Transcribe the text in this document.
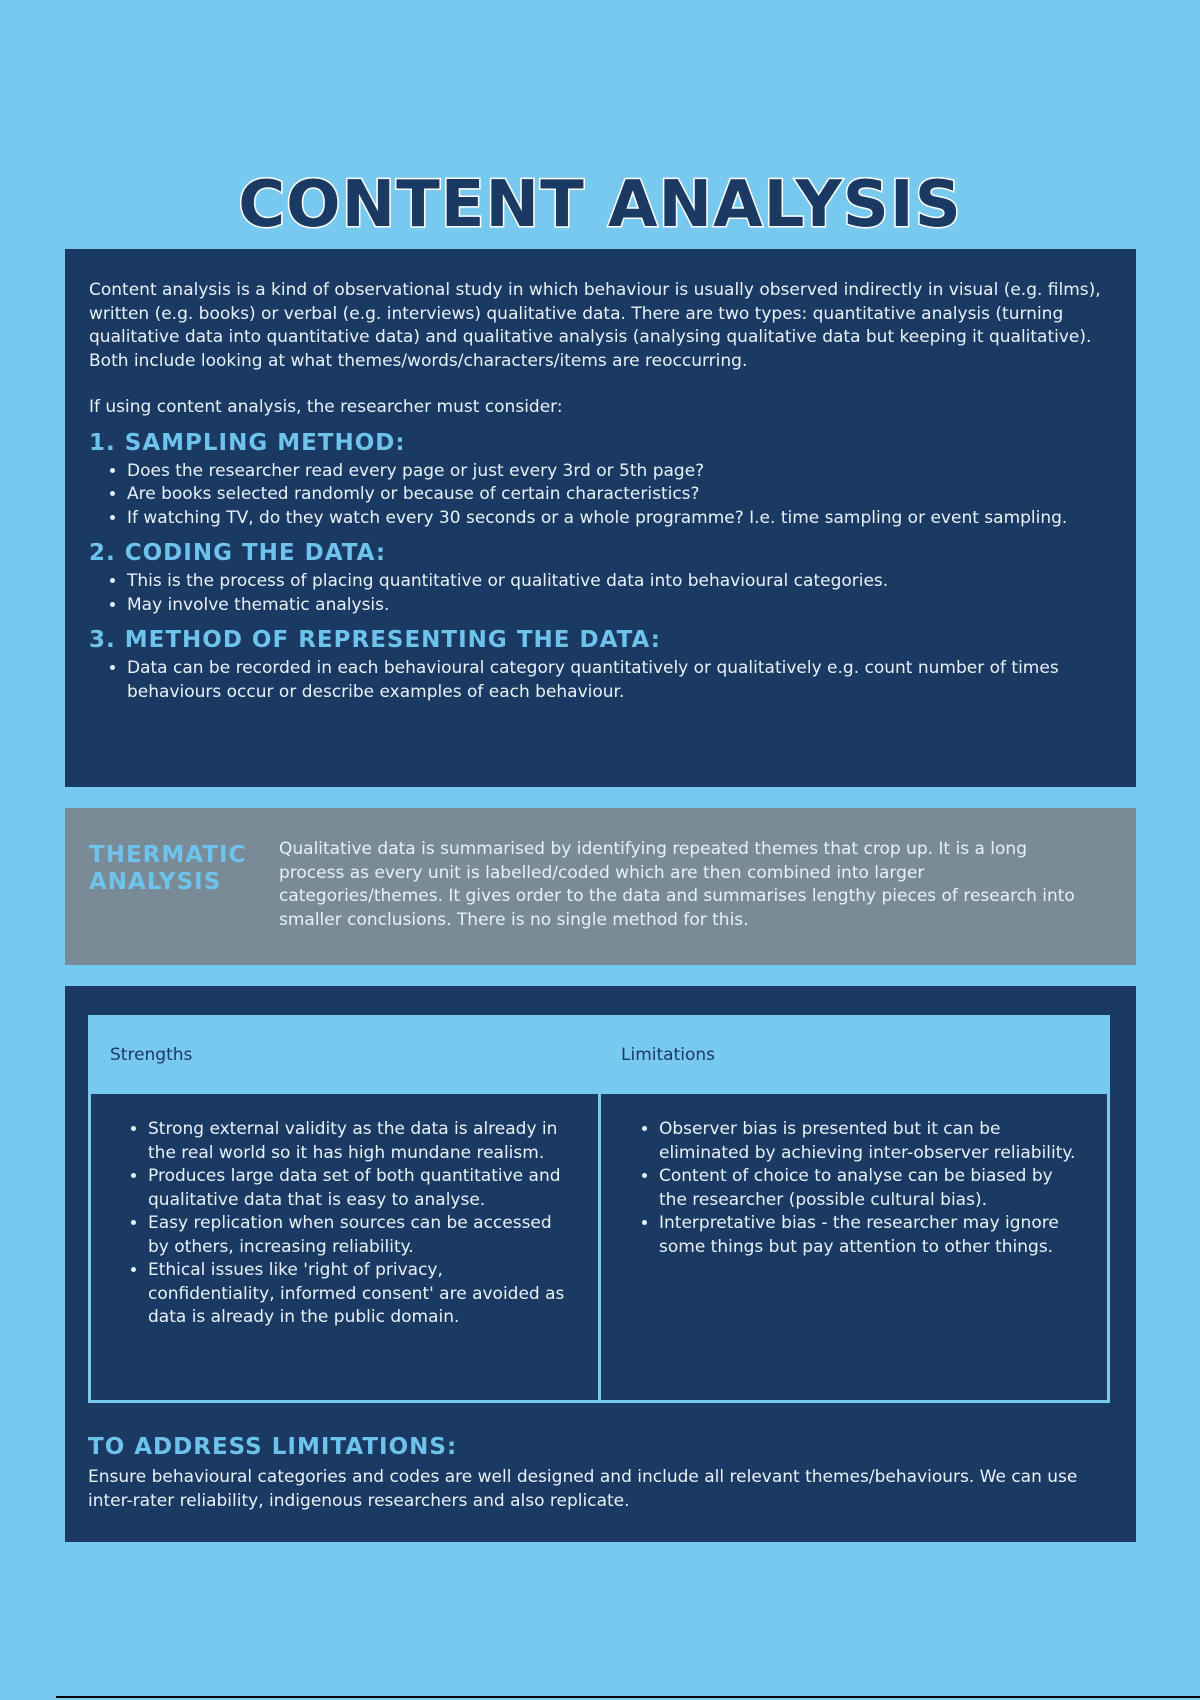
CONTENT ANALYSIS

Content analysis is a kind of observational study in which behaviour is usually observed indirectly in visual (e.g. films), written (e.g. books) or verbal (e.g. interviews) qualitative data. There are two types: quantitative analysis (turning qualitative data into quantitative data) and qualitative analysis (analysing qualitative data but keeping it qualitative). Both include looking at what themes/words/characters/items are reoccurring.

If using content analysis, the researcher must consider:

1. SAMPLING METHOD:
• Does the researcher read every page or just every 3rd or 5th page?
• Are books selected randomly or because of certain characteristics?
• If watching TV, do they watch every 30 seconds or a whole programme? I.e. time sampling or event sampling.
2. CODING THE DATA:
• This is the process of placing quantitative or qualitative data into behavioural categories.
• May involve thematic analysis.
3. METHOD OF REPRESENTING THE DATA:
• Data can be recorded in each behavioural category quantitatively or qualitatively e.g. count number of times behaviours occur or describe examples of each behaviour.
THERMATIC
ANALYSIS
Qualitative data is summarised by identifying repeated themes that crop up. It is a long process as every unit is labelled/coded which are then combined into larger categories/themes. It gives order to the data and summarises lengthy pieces of research into smaller conclusions. There is no single method for this.
Strengths	Limitations
• Strong external validity as the data is already in the real world so it has high mundane realism.
• Produces large data set of both quantitative and qualitative data that is easy to analyse.
• Easy replication when sources can be accessed by others, increasing reliability.
• Ethical issues like 'right of privacy, confidentiality, informed consent' are avoided as data is already in the public domain.
• Observer bias is presented but it can be eliminated by achieving inter-observer reliability.
• Content of choice to analyse can be biased by the researcher (possible cultural bias).
• Interpretative bias - the researcher may ignore some things but pay attention to other things.
TO ADDRESS LIMITATIONS:
Ensure behavioural categories and codes are well designed and include all relevant themes/behaviours. We can use inter-rater reliability, indigenous researchers and also replicate.
